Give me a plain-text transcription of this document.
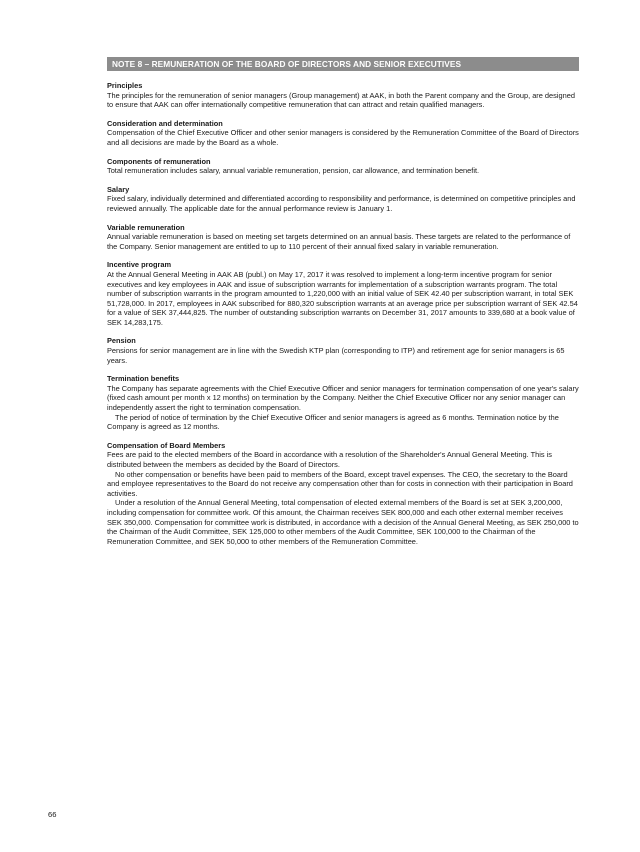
NOTE 8 – REMUNERATION OF THE BOARD OF DIRECTORS AND SENIOR EXECUTIVES

Principles

The principles for the remuneration of senior managers (Group management) at AAK, in both the Parent company and the Group, are designed to ensure that AAK can offer internationally competitive remuneration that can attract and retain qualified managers.

Consideration and determination

Compensation of the Chief Executive Officer and other senior managers is considered by the Remuneration Committee of the Board of Directors and all decisions are made by the Board as a whole.

Components of remuneration

Total remuneration includes salary, annual variable remuneration, pension, car allowance, and termination benefit.

Salary

Fixed salary, individually determined and differentiated according to responsibility and performance, is determined on competitive principles and reviewed annually. The applicable date for the annual performance review is January 1.

Variable remuneration

Annual variable remuneration is based on meeting set targets determined on an annual basis. These targets are related to the performance of the Company. Senior management are entitled to up to 110 percent of their annual fixed salary in variable remuneration.

Incentive program

At the Annual General Meeting in AAK AB (publ.) on May 17, 2017 it was resolved to implement a long-term incentive program for senior executives and key employees in AAK and issue of subscription warrants for implementation of a subscription warrants program. The total number of subscription warrants in the program amounted to 1,220,000 with an initial value of SEK 42.40 per subscription warrant, in total SEK 51,728,000. In 2017, employees in AAK subscribed for 880,320 subscription warrants at an average price per subscription warrant of SEK 42.54 for a value of SEK 37,444,825. The number of outstanding subscription warrants on December 31, 2017 amounts to 339,680 at a book value of SEK 14,283,175.

Pension

Pensions for senior management are in line with the Swedish KTP plan (corresponding to ITP) and retirement age for senior managers is 65 years.

Termination benefits

The Company has separate agreements with the Chief Executive Officer and senior managers for termination compensation of one year's salary (fixed cash amount per month x 12 months) on termination by the Company. Neither the Chief Executive Officer nor any senior manager can independently assert the right to termination compensation.

The period of notice of termination by the Chief Executive Officer and senior managers is agreed as 6 months. Termination notice by the Company is agreed as 12 months.

Compensation of Board Members

Fees are paid to the elected members of the Board in accordance with a resolution of the Shareholder's Annual General Meeting. This is distributed between the members as decided by the Board of Directors.

No other compensation or benefits have been paid to members of the Board, except travel expenses. The CEO, the secretary to the Board and employee representatives to the Board do not receive any compensation other than for costs in connection with their participation in Board activities.

Under a resolution of the Annual General Meeting, total compensation of elected external members of the Board is set at SEK 3,200,000, including compensation for committee work. Of this amount, the Chairman receives SEK 800,000 and each other external member receives SEK 350,000. Compensation for committee work is distributed, in accordance with a decision of the Annual General Meeting, as SEK 250,000 to the Chairman of the Audit Committee, SEK 125,000 to other members of the Audit Committee, SEK 100,000 to the Chairman of the Remuneration Committee, and SEK 50,000 to other members of the Remuneration Committee.

66
